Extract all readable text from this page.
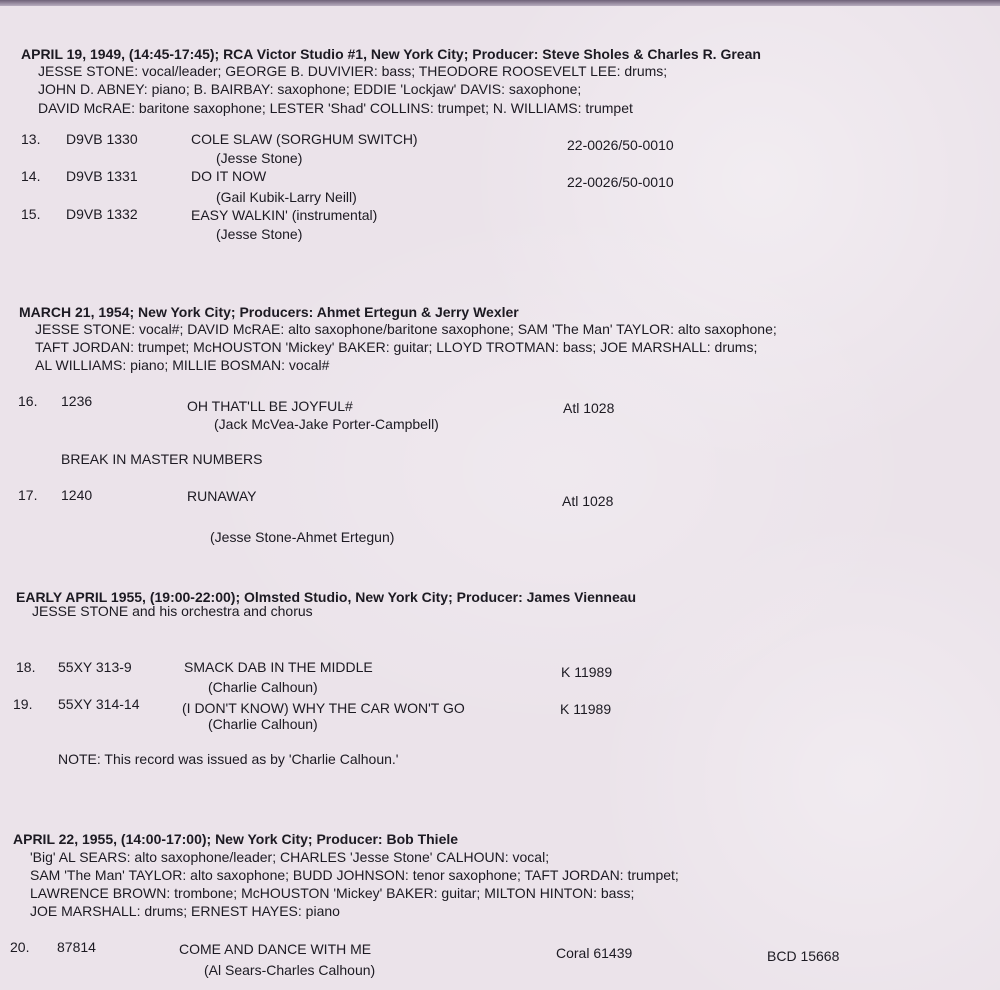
APRIL 19, 1949, (14:45-17:45); RCA Victor Studio #1, New York City; Producer: Steve Sholes & Charles R. Grean
JESSE STONE: vocal/leader; GEORGE B. DUVIVIER: bass; THEODORE ROOSEVELT LEE: drums;
JOHN D. ABNEY: piano; B. BAIRBAY: saxophone; EDDIE 'Lockjaw' DAVIS: saxophone;
DAVID McRAE: baritone saxophone; LESTER 'Shad' COLLINS: trumpet; N. WILLIAMS: trumpet
13. D9VB 1330	COLE SLAW (SORGHUM SWITCH)	22-0026/50-0010
(Jesse Stone)
14. D9VB 1331	DO IT NOW	22-0026/50-0010
(Gail Kubik-Larry Neill)
15. D9VB 1332	EASY WALKIN' (instrumental)
(Jesse Stone)
MARCH 21, 1954; New York City; Producers: Ahmet Ertegun & Jerry Wexler
JESSE STONE: vocal#; DAVID McRAE: alto saxophone/baritone saxophone; SAM 'The Man' TAYLOR: alto saxophone;
TAFT JORDAN: trumpet; McHOUSTON 'Mickey' BAKER: guitar; LLOYD TROTMAN: bass; JOE MARSHALL: drums;
AL WILLIAMS: piano; MILLIE BOSMAN: vocal#
16. 1236	OH THAT'LL BE JOYFUL#	Atl 1028
(Jack McVea-Jake Porter-Campbell)
BREAK IN MASTER NUMBERS
17. 1240	RUNAWAY	Atl 1028
(Jesse Stone-Ahmet Ertegun)
EARLY APRIL 1955, (19:00-22:00); Olmsted Studio, New York City; Producer: James Vienneau
JESSE STONE and his orchestra and chorus
18. 55XY 313-9	SMACK DAB IN THE MIDDLE	K 11989
(Charlie Calhoun)
19. 55XY 314-14	(I DON'T KNOW) WHY THE CAR WON'T GO	K 11989
(Charlie Calhoun)
NOTE: This record was issued as by 'Charlie Calhoun.'
APRIL 22, 1955, (14:00-17:00); New York City; Producer: Bob Thiele
'Big' AL SEARS: alto saxophone/leader; CHARLES 'Jesse Stone' CALHOUN: vocal;
SAM 'The Man' TAYLOR: alto saxophone; BUDD JOHNSON: tenor saxophone; TAFT JORDAN: trumpet;
LAWRENCE BROWN: trombone; McHOUSTON 'Mickey' BAKER: guitar; MILTON HINTON: bass;
JOE MARSHALL: drums; ERNEST HAYES: piano
20. 87814	COME AND DANCE WITH ME	Coral 61439	BCD 15668
(Al Sears-Charles Calhoun)
